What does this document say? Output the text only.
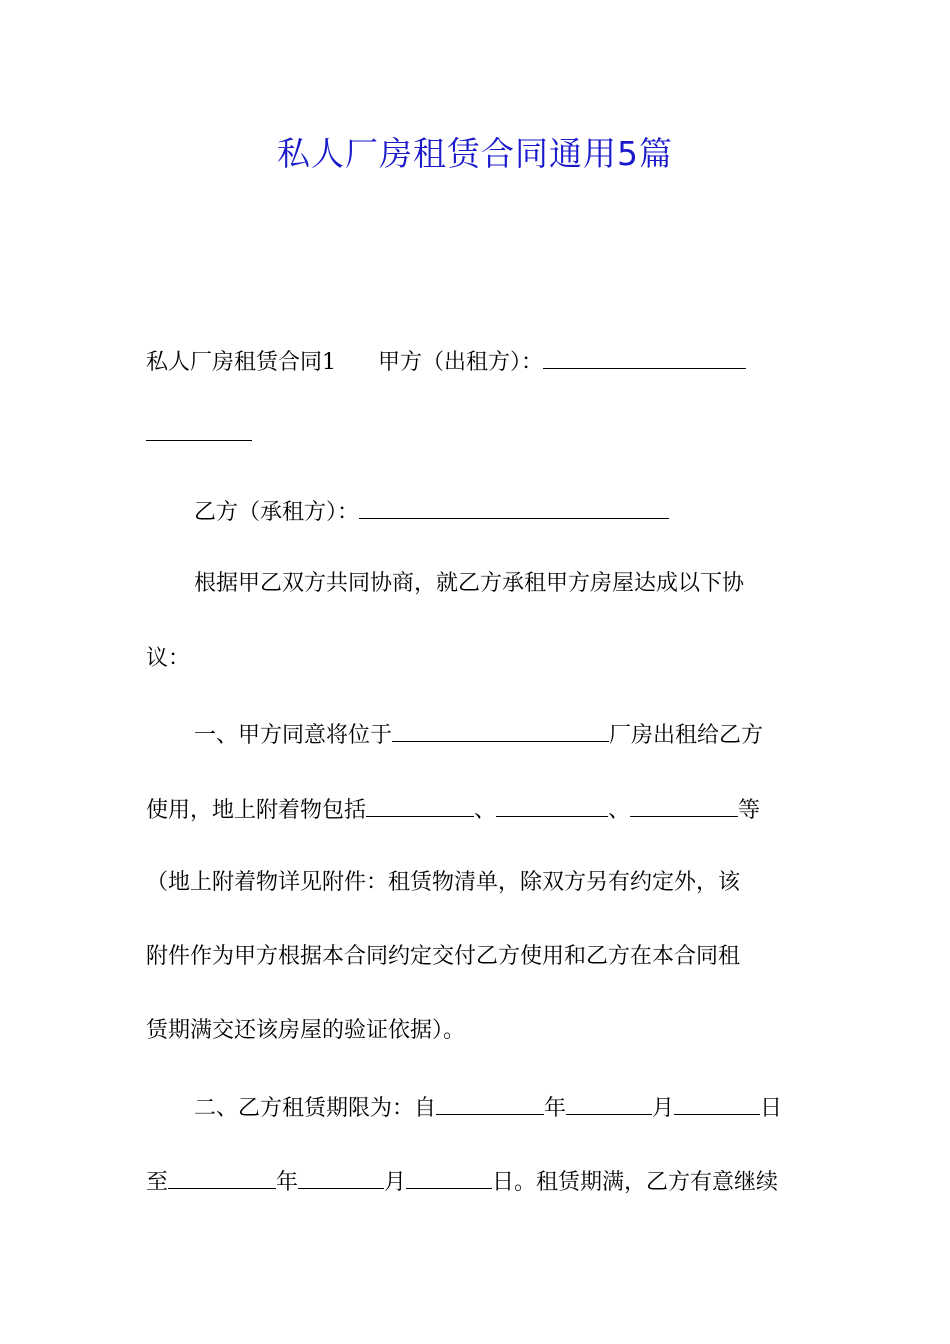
私人厂房租赁合同通用5篇
私人厂房租赁合同1 甲方（出租方）：
乙方（承租方）：
根据甲乙双方共同协商，就乙方承租甲方房屋达成以下协
议：
一、甲方同意将位于	厂房出租给乙方
使用，地上附着物包括	、	、	等
（地上附着物详见附件：租赁物清单，除双方另有约定外，该
附件作为甲方根据本合同约定交付乙方使用和乙方在本合同租
赁期满交还该房屋的验证依据）。
二、乙方租赁期限为：自	年	月	日
至	年	月	日。租赁期满，乙方有意继续
